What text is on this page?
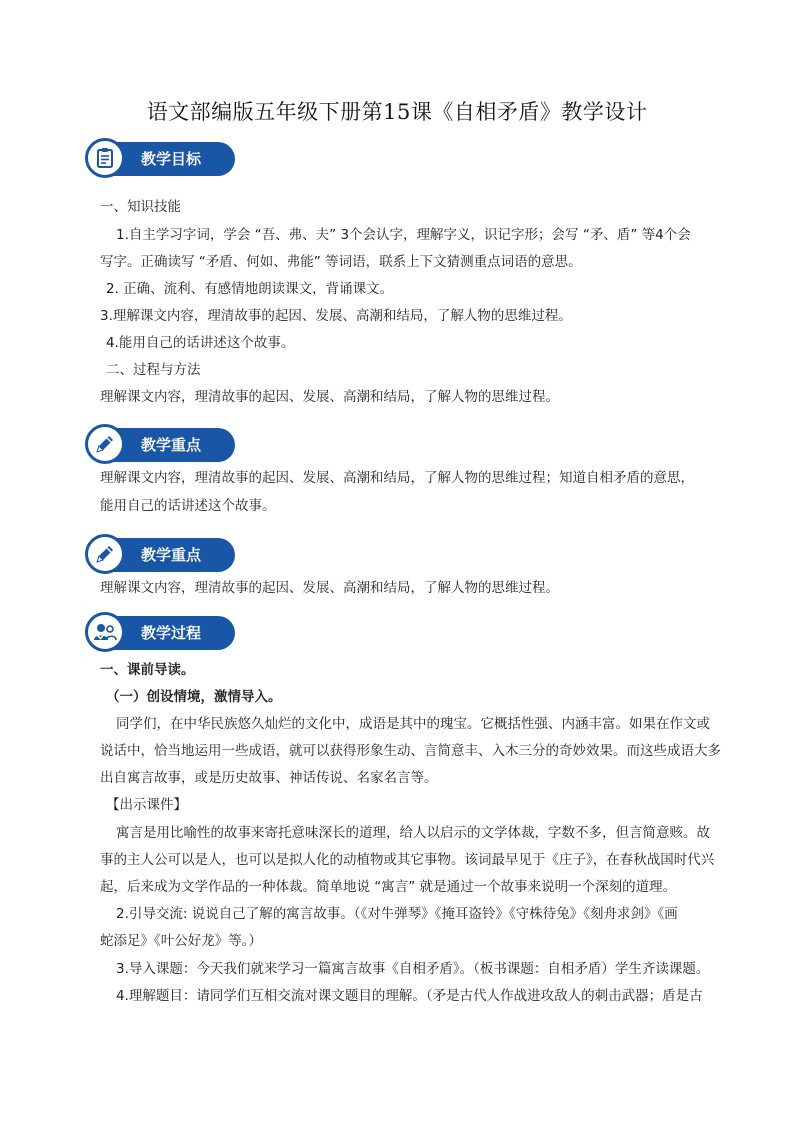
语文部编版五年级下册第15课《自相矛盾》教学设计
教学目标
一、知识技能
1.自主学习字词，学会 “吾、弗、夫” 3个会认字，理解字义，识记字形；会写 “矛、盾” 等4个会
写字。正确读写 “矛盾、何如、弗能” 等词语，联系上下文猜测重点词语的意思。
2. 正确、流利、有感情地朗读课文，背诵课文。
3.理解课文内容，理清故事的起因、发展、高潮和结局，了解人物的思维过程。
4.能用自己的话讲述这个故事。
二、过程与方法
理解课文内容，理清故事的起因、发展、高潮和结局，了解人物的思维过程。
教学重点
理解课文内容，理清故事的起因、发展、高潮和结局，了解人物的思维过程；知道自相矛盾的意思，
能用自己的话讲述这个故事。
教学重点
理解课文内容，理清故事的起因、发展、高潮和结局，了解人物的思维过程。
教学过程
一、课前导读。
（一）创设情境，激情导入。
同学们，在中华民族悠久灿烂的文化中，成语是其中的瑰宝。它概括性强、内涵丰富。如果在作文或
说话中，恰当地运用一些成语，就可以获得形象生动、言简意丰、入木三分的奇妙效果。而这些成语大多
出自寓言故事，或是历史故事、神话传说、名家名言等。
【出示课件】
寓言是用比喻性的故事来寄托意味深长的道理，给人以启示的文学体裁，字数不多，但言简意赅。故
事的主人公可以是人，也可以是拟人化的动植物或其它事物。该词最早见于《庄子》，在春秋战国时代兴
起，后来成为文学作品的一种体裁。简单地说 “寓言” 就是通过一个故事来说明一个深刻的道理。
2.引导交流: 说说自己了解的寓言故事。（《对牛弹琴》《掩耳盗铃》《守株待兔》《刻舟求剑》《画
蛇添足》《叶公好龙》等。）
3.导入课题：今天我们就来学习一篇寓言故事《自相矛盾》。（板书课题：自相矛盾）学生齐读课题。
4.理解题目：请同学们互相交流对课文题目的理解。（矛是古代人作战进攻敌人的刺击武器；盾是古
